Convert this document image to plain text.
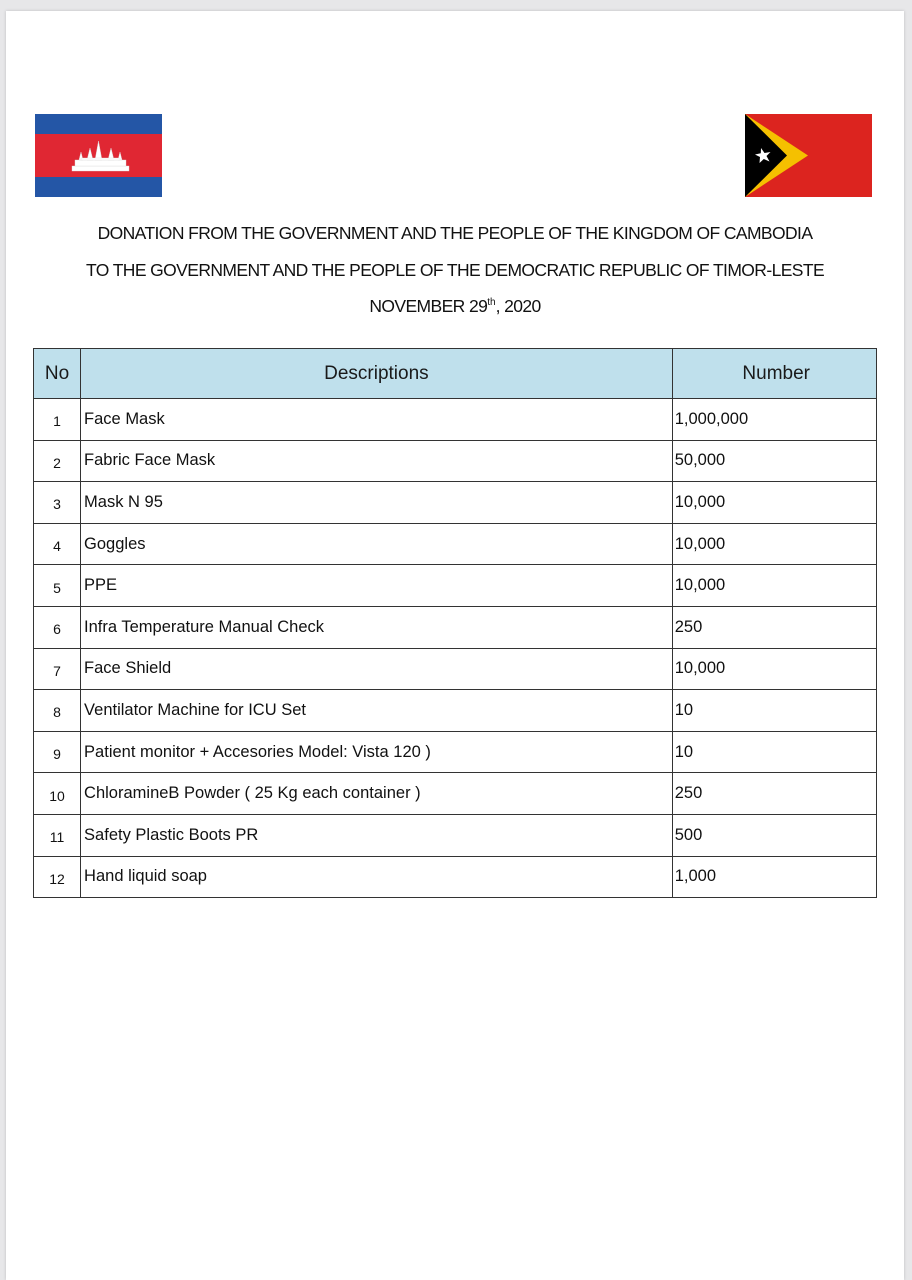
DONATION FROM THE GOVERNMENT AND THE PEOPLE OF THE KINGDOM OF CAMBODIA
TO THE GOVERNMENT AND THE PEOPLE OF THE DEMOCRATIC REPUBLIC OF TIMOR-LESTE
NOVEMBER 29th, 2020
No	Descriptions	Number
1	Face Mask	1,000,000
2	Fabric Face Mask	50,000
3	Mask N 95	10,000
4	Goggles	10,000
5	PPE	10,000
6	Infra Temperature Manual Check	250
7	Face Shield	10,000
8	Ventilator Machine for ICU Set	10
9	Patient monitor + Accesories Model: Vista 120 )	10
10	ChloramineB Powder ( 25 Kg each container )	250
11	Safety Plastic Boots PR	500
12	Hand liquid soap	1,000
